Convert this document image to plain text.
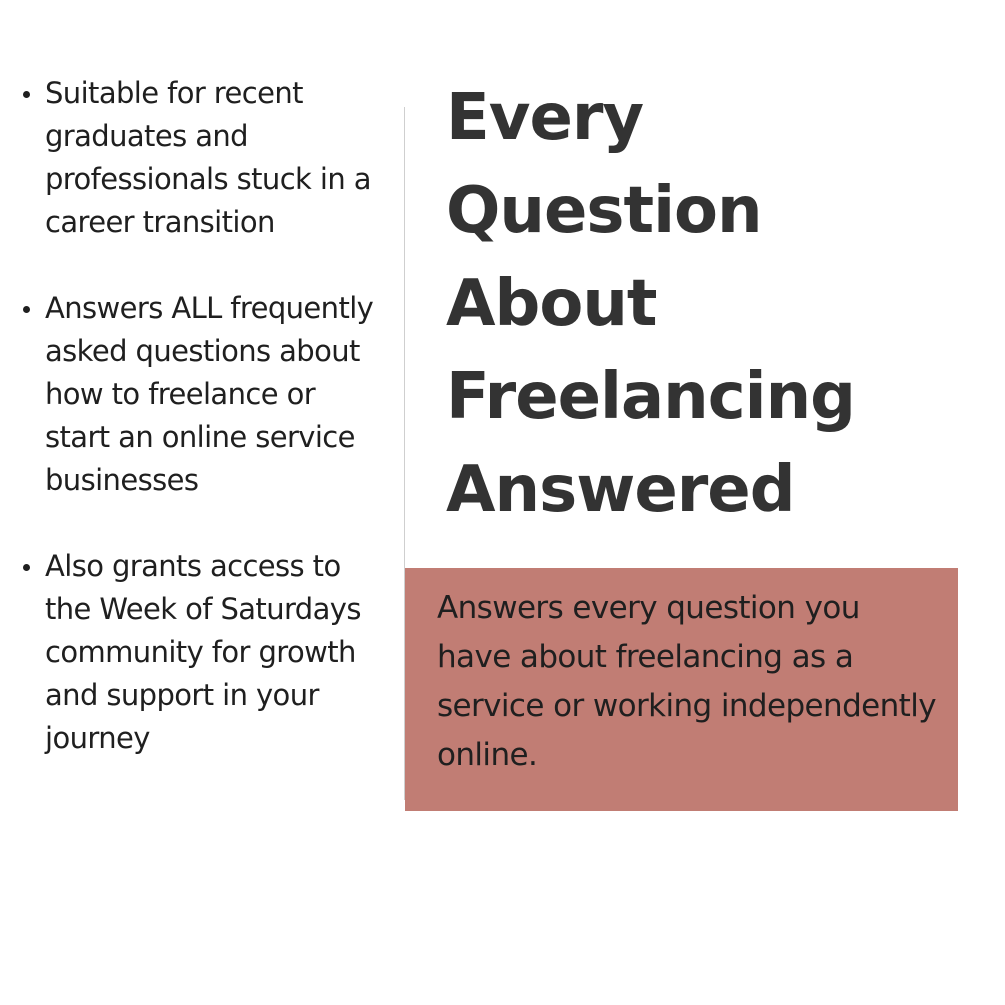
Suitable for recent graduates and professionals stuck in a career transition
Answers ALL frequently asked questions about how to freelance or start an online service businesses
Also grants access to the Week of Saturdays community for growth and support in your journey
Every
Question
About
Freelancing
Answered

Answers every question you have about freelancing as a service or working independently online.
